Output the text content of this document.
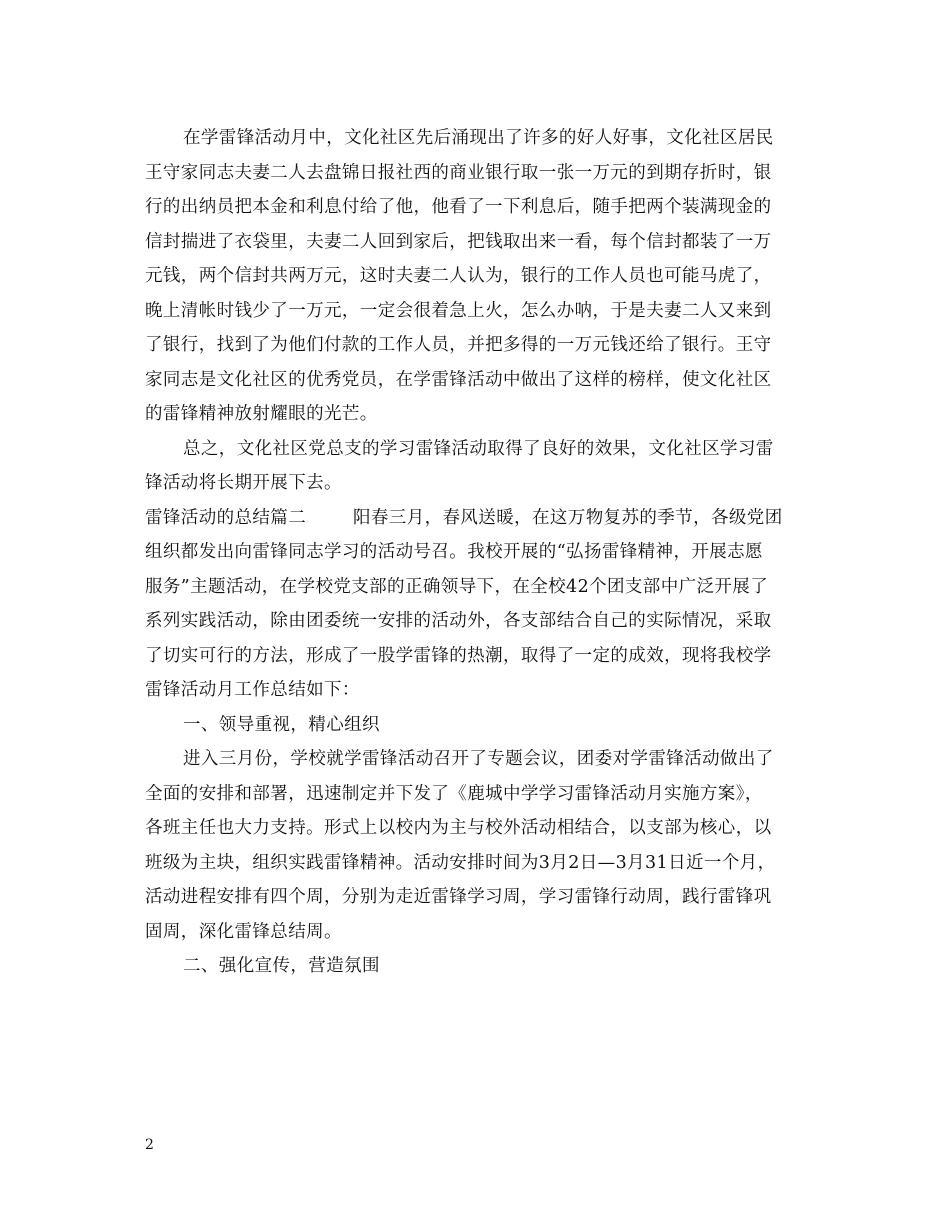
在学雷锋活动月中，文化社区先后涌现出了许多的好人好事，文化社区居民
王守家同志夫妻二人去盘锦日报社西的商业银行取一张一万元的到期存折时，银
行的出纳员把本金和利息付给了他，他看了一下利息后，随手把两个装满现金的
信封揣进了衣袋里，夫妻二人回到家后，把钱取出来一看，每个信封都装了一万
元钱，两个信封共两万元，这时夫妻二人认为，银行的工作人员也可能马虎了，
晚上清帐时钱少了一万元，一定会很着急上火，怎么办呐，于是夫妻二人又来到
了银行，找到了为他们付款的工作人员，并把多得的一万元钱还给了银行。王守
家同志是文化社区的优秀党员，在学雷锋活动中做出了这样的榜样，使文化社区
的雷锋精神放射耀眼的光芒。
总之，文化社区党总支的学习雷锋活动取得了良好的效果，文化社区学习雷
锋活动将长期开展下去。
雷锋活动的总结篇二	阳春三月，春风送暖，在这万物复苏的季节，各级党团
组织都发出向雷锋同志学习的活动号召。我校开展的“弘扬雷锋精神，开展志愿
服务”主题活动，在学校党支部的正确领导下，在全校42个团支部中广泛开展了
系列实践活动，除由团委统一安排的活动外，各支部结合自己的实际情况，采取
了切实可行的方法，形成了一股学雷锋的热潮，取得了一定的成效，现将我校学
雷锋活动月工作总结如下：
一、领导重视，精心组织
进入三月份，学校就学雷锋活动召开了专题会议，团委对学雷锋活动做出了
全面的安排和部署，迅速制定并下发了《鹿城中学学习雷锋活动月实施方案》，
各班主任也大力支持。形式上以校内为主与校外活动相结合，以支部为核心，以
班级为主块，组织实践雷锋精神。活动安排时间为3月2日—3月31日近一个月，
活动进程安排有四个周，分别为走近雷锋学习周，学习雷锋行动周，践行雷锋巩
固周，深化雷锋总结周。
二、强化宣传，营造氛围
2
